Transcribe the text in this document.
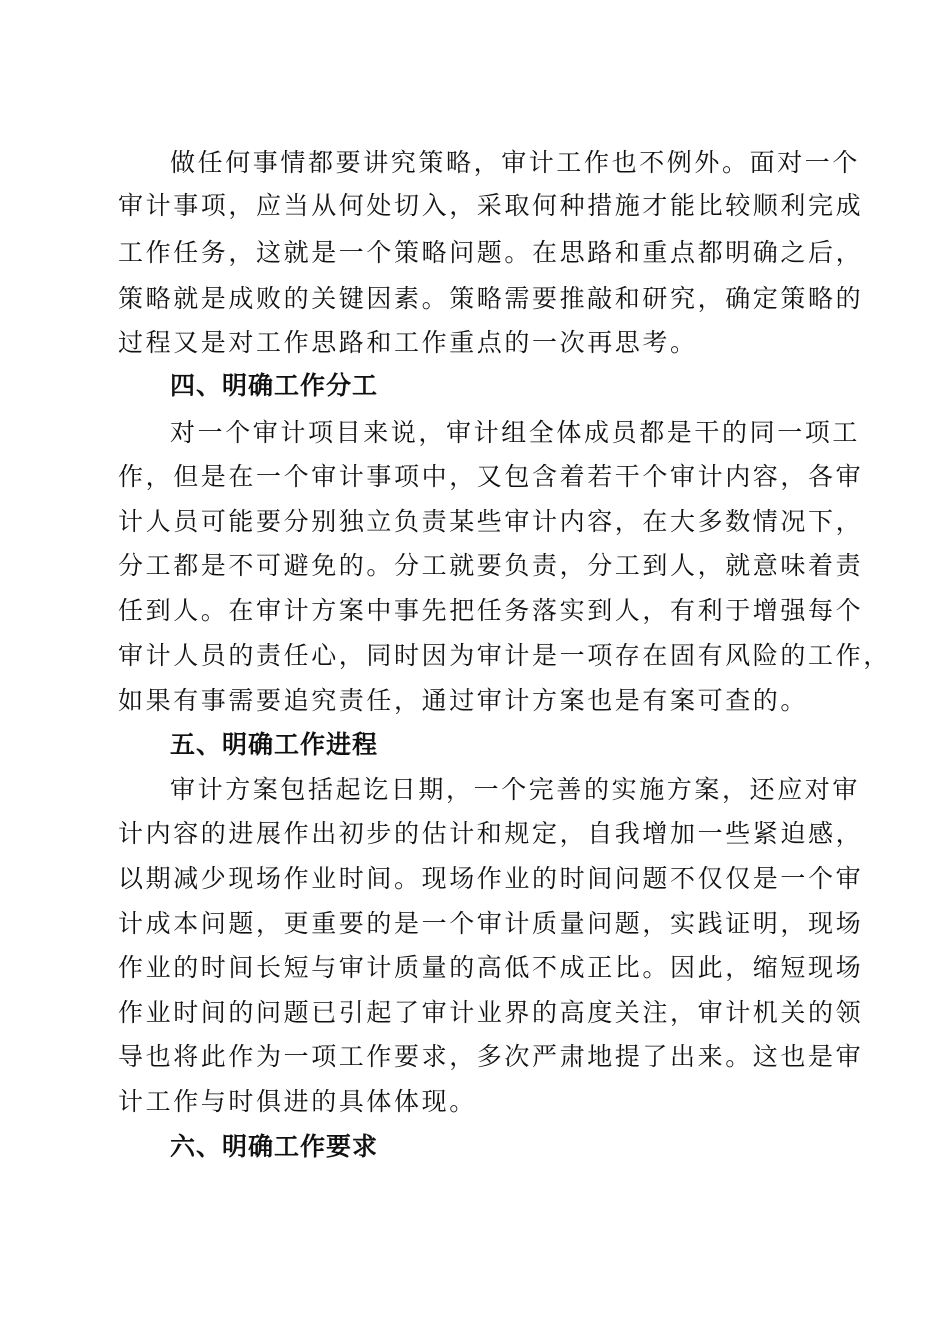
做任何事情都要讲究策略，审计工作也不例外。面对一个
审计事项，应当从何处切入，采取何种措施才能比较顺利完成
工作任务，这就是一个策略问题。在思路和重点都明确之后，
策略就是成败的关键因素。策略需要推敲和研究，确定策略的
过程又是对工作思路和工作重点的一次再思考。
四、明确工作分工
对一个审计项目来说，审计组全体成员都是干的同一项工
作，但是在一个审计事项中，又包含着若干个审计内容，各审
计人员可能要分别独立负责某些审计内容，在大多数情况下，
分工都是不可避免的。分工就要负责，分工到人，就意味着责
任到人。在审计方案中事先把任务落实到人，有利于增强每个
审计人员的责任心，同时因为审计是一项存在固有风险的工作，
如果有事需要追究责任，通过审计方案也是有案可查的。
五、明确工作进程
审计方案包括起讫日期，一个完善的实施方案，还应对审
计内容的进展作出初步的估计和规定，自我增加一些紧迫感，
以期减少现场作业时间。现场作业的时间问题不仅仅是一个审
计成本问题，更重要的是一个审计质量问题，实践证明，现场
作业的时间长短与审计质量的高低不成正比。因此，缩短现场
作业时间的问题已引起了审计业界的高度关注，审计机关的领
导也将此作为一项工作要求，多次严肃地提了出来。这也是审
计工作与时俱进的具体体现。
六、明确工作要求
